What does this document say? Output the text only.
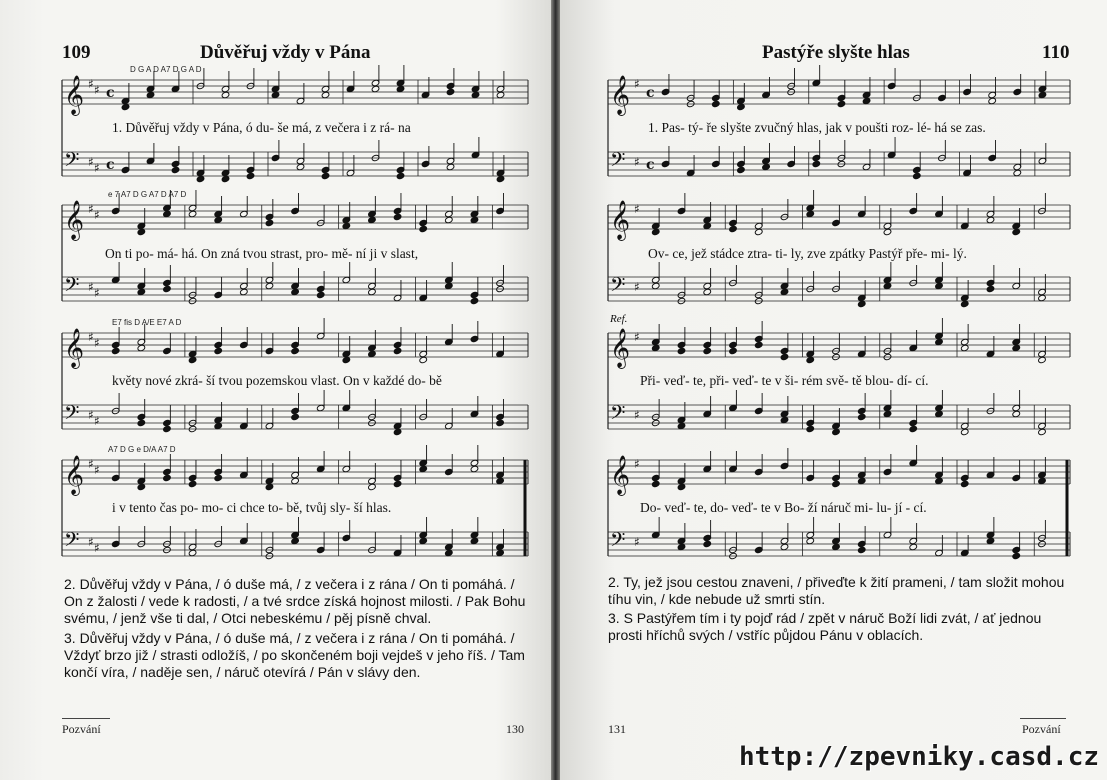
109	Důvěřuj vždy v Pána
D G A D A7 D G A D
𝄞 ♯ ♯ c
𝄢 ♯ ♯ c
1. Důvěřuj vždy v Pána, ó du- še má, z večera i z rá- na
e 7 A7 D G A7 D A7 D
𝄞 ♯ ♯
𝄢 ♯ ♯
On ti po- má- há. On zná tvou strast, pro- mě- ní ji v slast,
E7 fis D A/E E7 A D
𝄞 ♯ ♯
𝄢 ♯ ♯
květy nové zkrá- ší tvou pozemskou vlast. On v každé do- bě
A7 D G e D/A A7 D
𝄞 ♯ ♯
𝄢 ♯ ♯
i v tento čas po- mo- ci chce to- bě, tvůj sly- ší hlas.
2. Důvěřuj vždy v Pána, / ó duše má, / z večera i z rána / On ti pomáhá. / On z žalosti / vede k radosti, / a tvé srdce získá hojnost milosti. / Pak Bohu svému, / jenž vše ti dal, / Otci nebeskému / pěj písně chval.
3. Důvěřuj vždy v Pána, / ó duše má, / z večera i z rána / On ti pomáhá. / Vždyť brzo již / strasti odložíš, / po skončeném boji vejdeš v jeho říš. / Tam končí víra, / naděje sen, / náruč otevírá / Pán v slávy den.
Pozvání	130
Pastýře slyšte hlas	110
𝄞 ♯
c
𝄢 ♯ c
1. Pas- tý- ře slyšte zvučný hlas, jak v poušti roz- lé- há se zas.
𝄞 ♯
𝄢 ♯
Ov- ce, jež stádce ztra- ti- ly, zve zpátky Pastýř pře- mi- lý.
Ref.
𝄞 ♯
𝄢 ♯
Při- veď- te, při- veď- te v ši- rém svě- tě blou- dí- cí.
𝄞 ♯
𝄢 ♯
Do- veď- te, do- veď- te v Bo- ží náruč mi- lu- jí - cí.
2. Ty, jež jsou cestou znaveni, / přiveďte k žití prameni, / tam složit mohou tíhu vin, / kde nebude už smrti stín.
3. S Pastýřem tím i ty pojď rád / zpět v náruč Boží lidi zvát, / ať jednou prosti hříchů svých / vstříc půjdou Pánu v oblacích.
131	Pozvání
http://zpevniky.casd.cz
